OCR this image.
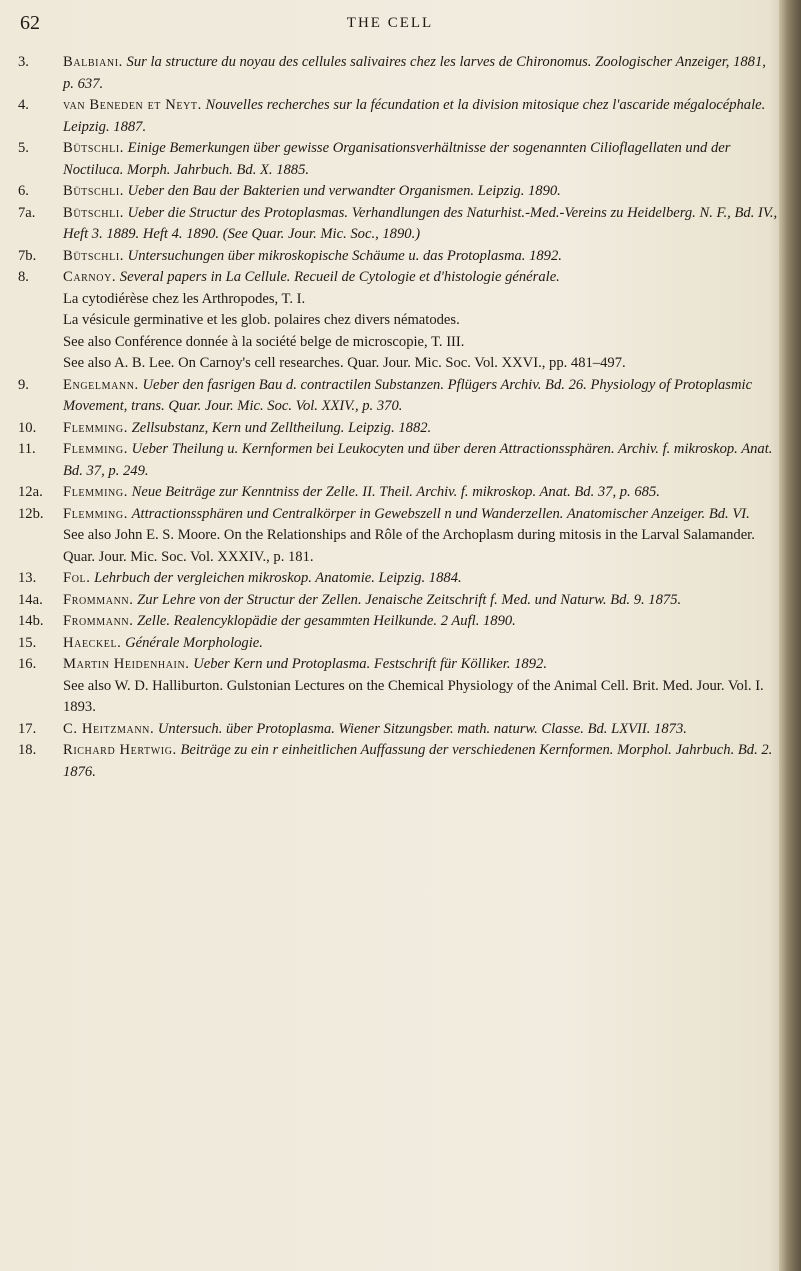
62	THE CELL
3.	Balbiani. Sur la structure du noyau des cellules salivaires chez les larves de Chironomus. Zoologischer Anzeiger, 1881, p. 637.
4.	van Beneden et Neyt. Nouvelles recherches sur la fécundation et la division mitosique chez l'ascaride mégalocéphale. Leipzig. 1887.
5.	Bütschli. Einige Bemerkungen über gewisse Organisationsverhältnisse der sogenannten Cilioflagellaten und der Noctiluca. Morph. Jahrbuch. Bd. X. 1885.
6.	Bütschli. Ueber den Bau der Bakterien und verwandter Organismen. Leipzig. 1890.
7a.	Bütschli. Ueber die Structur des Protoplasmas. Verhandlungen des Naturhist.-Med.-Vereins zu Heidelberg. N. F., Bd. IV., Heft 3. 1889. Heft 4. 1890. (See Quar. Jour. Mic. Soc., 1890.)
7b.	Bütschli. Untersuchungen über mikroskopische Schäume u. das Protoplasma. 1892.
8.	Carnoy. Several papers in La Cellule. Recueil de Cytologie et d'histologie générale.
La cytodiérèse chez les Arthropodes, T. I.
La vésicule germinative et les glob. polaires chez divers nématodes.
See also Conférence donnée à la société belge de microscopie, T. III.
See also A. B. Lee. On Carnoy's cell researches. Quar. Jour. Mic. Soc. Vol. XXVI., pp. 481–497.
9.	Engelmann. Ueber den fasrigen Bau d. contractilen Substanzen. Pflügers Archiv. Bd. 26. Physiology of Protoplasmic Movement, trans. Quar. Jour. Mic. Soc. Vol. XXIV., p. 370.
10.	Flemming. Zellsubstanz, Kern und Zelltheilung. Leipzig. 1882.
11.	Flemming. Ueber Theilung u. Kernformen bei Leukocyten und über deren Attractionssphären. Archiv. f. mikroskop. Anat. Bd. 37, p. 249.
12a.	Flemming. Neue Beiträge zur Kenntniss der Zelle. II. Theil. Archiv. f. mikroskop. Anat. Bd. 37, p. 685.
12b.	Flemming. Attractionssphären und Centralkörper in Gewebszell n und Wanderzellen. Anatomischer Anzeiger. Bd. VI.
See also John E. S. Moore. On the Relationships and Rôle of the Archoplasm during mitosis in the Larval Salamander. Quar. Jour. Mic. Soc. Vol. XXXIV., p. 181.
13.	Fol. Lehrbuch der vergleichen mikroskop. Anatomie. Leipzig. 1884.
14a.	Frommann. Zur Lehre von der Structur der Zellen. Jenaische Zeitschrift f. Med. und Naturw. Bd. 9. 1875.
14b.	Frommann. Zelle. Realencyklopädie der gesammten Heilkunde. 2 Aufl. 1890.
15.	Haeckel. Générale Morphologie.
16.	Martin Heidenhain. Ueber Kern und Protoplasma. Festschrift für Kölliker. 1892.
See also W. D. Halliburton. Gulstonian Lectures on the Chemical Physiology of the Animal Cell. Brit. Med. Jour. Vol. I. 1893.
17.	C. Heitzmann. Untersuch. über Protoplasma. Wiener Sitzungsber. math. naturw. Classe. Bd. LXVII. 1873.
18.	Richard Hertwig. Beiträge zu ein r einheitlichen Auffassung der verschiedenen Kernformen. Morphol. Jahrbuch. Bd. 2. 1876.
